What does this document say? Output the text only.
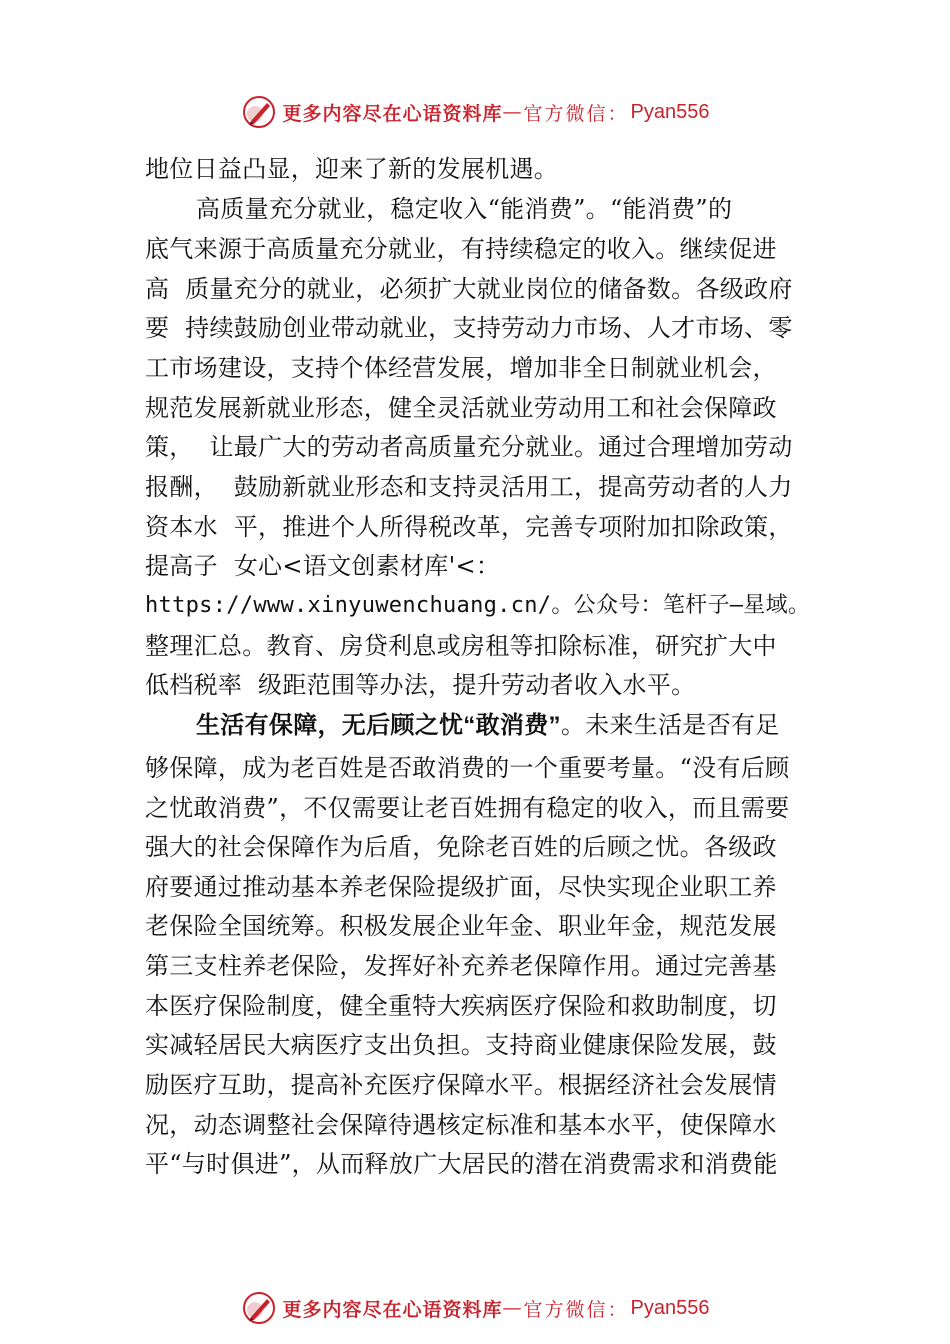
更多内容尽在心语资料库 — 官方微信： Pyan556
地位日益凸显，迎来了新的发展机遇。
高质量充分就业，稳定收入“能消费”。“能消费”的
底气来源于高质量充分就业，有持续稳定的收入。继续促进
高  质量充分的就业，必须扩大就业岗位的储备数。各级政府
要  持续鼓励创业带动就业，支持劳动力市场、人才市场、零
工市场建设，支持个体经营发展，增加非全日制就业机会，
规范发展新就业形态，健全灵活就业劳动用工和社会保障政
策，  让最广大的劳动者高质量充分就业。通过合理增加劳动
报酬，  鼓励新就业形态和支持灵活用工，提高劳动者的人力
资本水  平，推进个人所得税改革，完善专项附加扣除政策，
提高子  女心<语文创素材库'<：
https://www.xinyuwenchuang.cn/。公众号：笔杆子—星域。
整理汇总。教育、房贷利息或房租等扣除标准，研究扩大中
低档税率  级距范围等办法，提升劳动者收入水平。
生活有保障，无后顾之忧“敢消费”。未来生活是否有足
够保障，成为老百姓是否敢消费的一个重要考量。“没有后顾
之忧敢消费”，不仅需要让老百姓拥有稳定的收入，而且需要
强大的社会保障作为后盾，免除老百姓的后顾之忧。各级政
府要通过推动基本养老保险提级扩面，尽快实现企业职工养
老保险全国统筹。积极发展企业年金、职业年金，规范发展
第三支柱养老保险，发挥好补充养老保障作用。通过完善基
本医疗保险制度，健全重特大疾病医疗保险和救助制度，切
实减轻居民大病医疗支出负担。支持商业健康保险发展，鼓
励医疗互助，提高补充医疗保障水平。根据经济社会发展情
况，动态调整社会保障待遇核定标准和基本水平，使保障水
平“与时俱进”，从而释放广大居民的潜在消费需求和消费能
更多内容尽在心语资料库 — 官方微信： Pyan556
